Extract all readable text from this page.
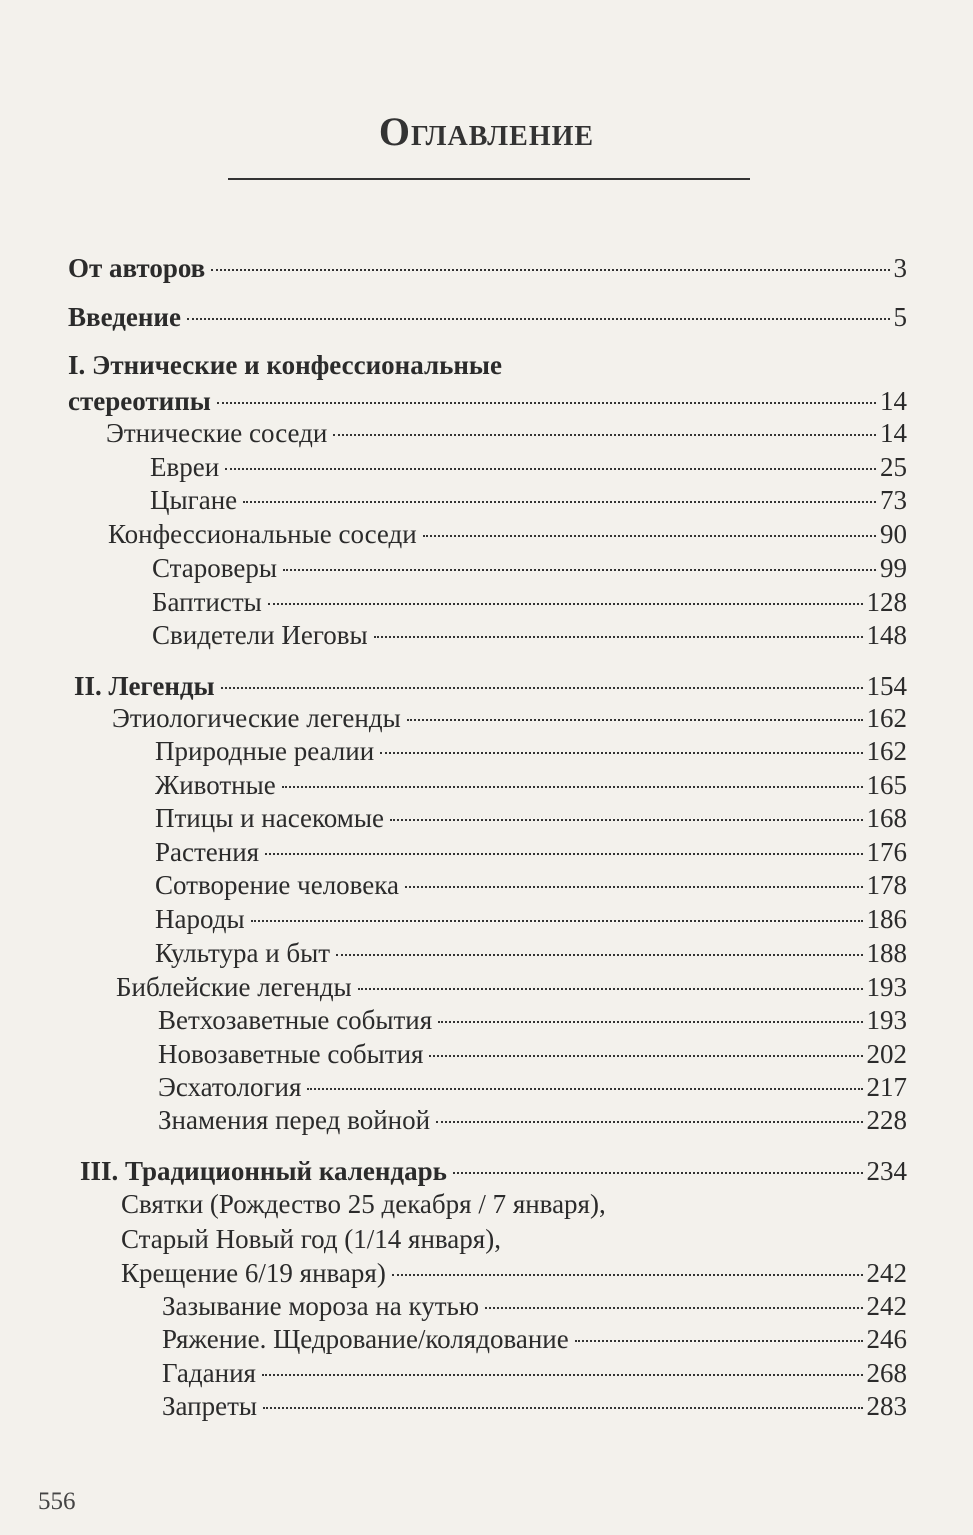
Оглавление
От авторов	3
Введение	5
I. Этнические и конфессиональные
стереотипы	14
Этнические соседи	14
Евреи	25
Цыгане	73
Конфессиональные соседи	90
Староверы	99
Баптисты	128
Свидетели Иеговы	148
II. Легенды	154
Этиологические легенды	162
Природные реалии	162
Животные	165
Птицы и насекомые	168
Растения	176
Сотворение человека	178
Народы	186
Культура и быт	188
Библейские легенды	193
Ветхозаветные события	193
Новозаветные события	202
Эсхатология	217
Знамения перед войной	228
III. Традиционный календарь	234
Святки (Рождество 25 декабря / 7 января),
Старый Новый год (1/14 января),
Крещение 6/19 января)	242
Зазывание мороза на кутью	242
Ряжение. Щедрование/колядование	246
Гадания	268
Запреты	283
556
